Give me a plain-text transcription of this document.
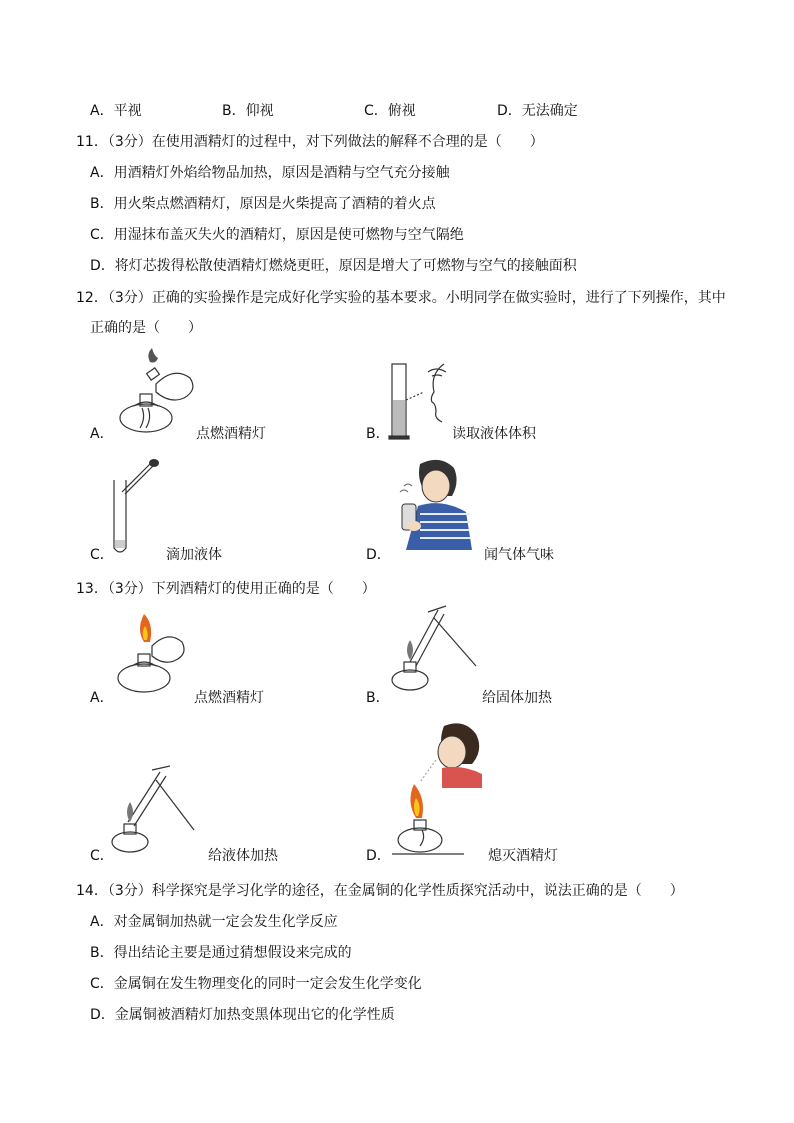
A．平视	B．仰视	C．俯视	D．无法确定
11．（3分）在使用酒精灯的过程中，对下列做法的解释不合理的是（　　）
A．用酒精灯外焰给物品加热，原因是酒精与空气充分接触
B．用火柴点燃酒精灯，原因是火柴提高了酒精的着火点
C．用湿抹布盖灭失火的酒精灯，原因是使可燃物与空气隔绝
D．将灯芯拨得松散使酒精灯燃烧更旺，原因是增大了可燃物与空气的接触面积
12．（3分）正确的实验操作是完成好化学实验的基本要求。小明同学在做实验时，进行了下列操作，其中
正确的是（　　）
A．	点燃酒精灯	B．	读取液体体积
C．	滴加液体	D．	闻气体气味
13．（3分）下列酒精灯的使用正确的是（　　）
A．	点燃酒精灯	B．	给固体加热
C．	给液体加热	D．	熄灭酒精灯
14．（3分）科学探究是学习化学的途径，在金属铜的化学性质探究活动中，说法正确的是（　　）
A．对金属铜加热就一定会发生化学反应
B．得出结论主要是通过猜想假设来完成的
C．金属铜在发生物理变化的同时一定会发生化学变化
D．金属铜被酒精灯加热变黑体现出它的化学性质
